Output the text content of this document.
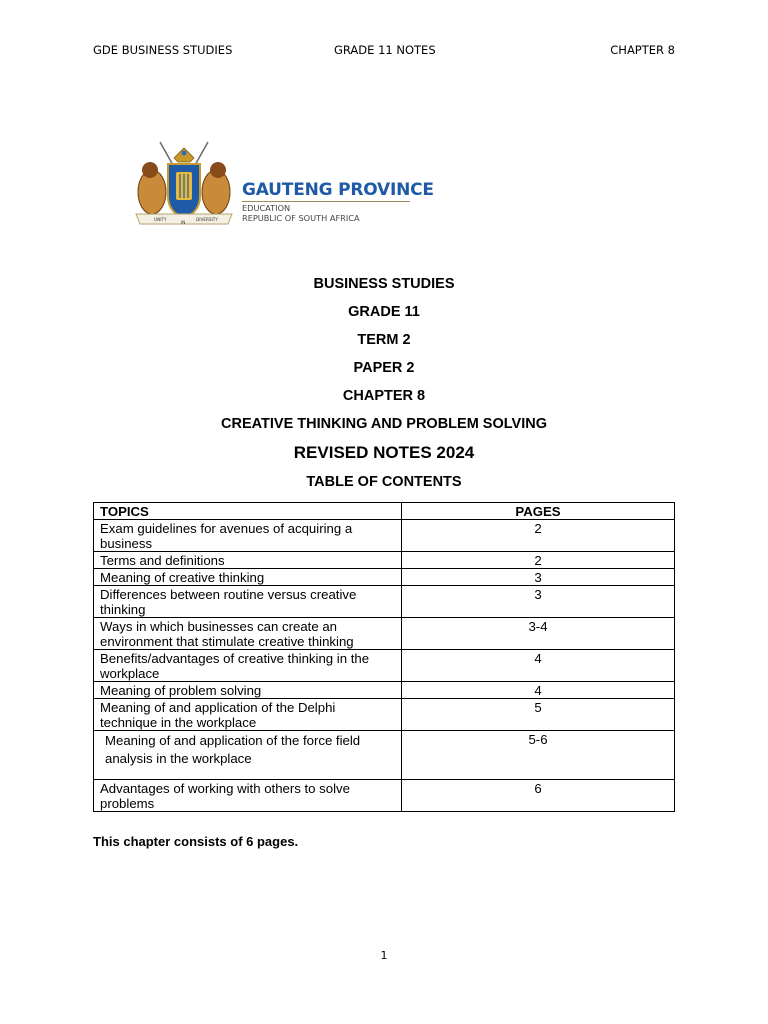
GDE BUSINESS STUDIES	GRADE 11 NOTES	CHAPTER 8
UNITY
IN
DIVERSITY
GAUTENG PROVINCE
EDUCATION
REPUBLIC OF SOUTH AFRICA
BUSINESS STUDIES
GRADE 11
TERM 2
PAPER 2
CHAPTER 8
CREATIVE THINKING AND PROBLEM SOLVING
REVISED NOTES 2024
TABLE OF CONTENTS
TOPICS	PAGES
Exam guidelines for avenues of acquiring a business	2
Terms and definitions	2
Meaning of creative thinking	3
Differences between routine versus creative thinking	3
Ways in which businesses can create an environment that stimulate creative thinking	3-4
Benefits/advantages of creative thinking in the workplace	4
Meaning of problem solving	4
Meaning of and application of the Delphi technique in the workplace	5
Meaning of and application of the force field analysis in the workplace	5-6
Advantages of working with others to solve problems	6
This chapter consists of 6 pages.
1
